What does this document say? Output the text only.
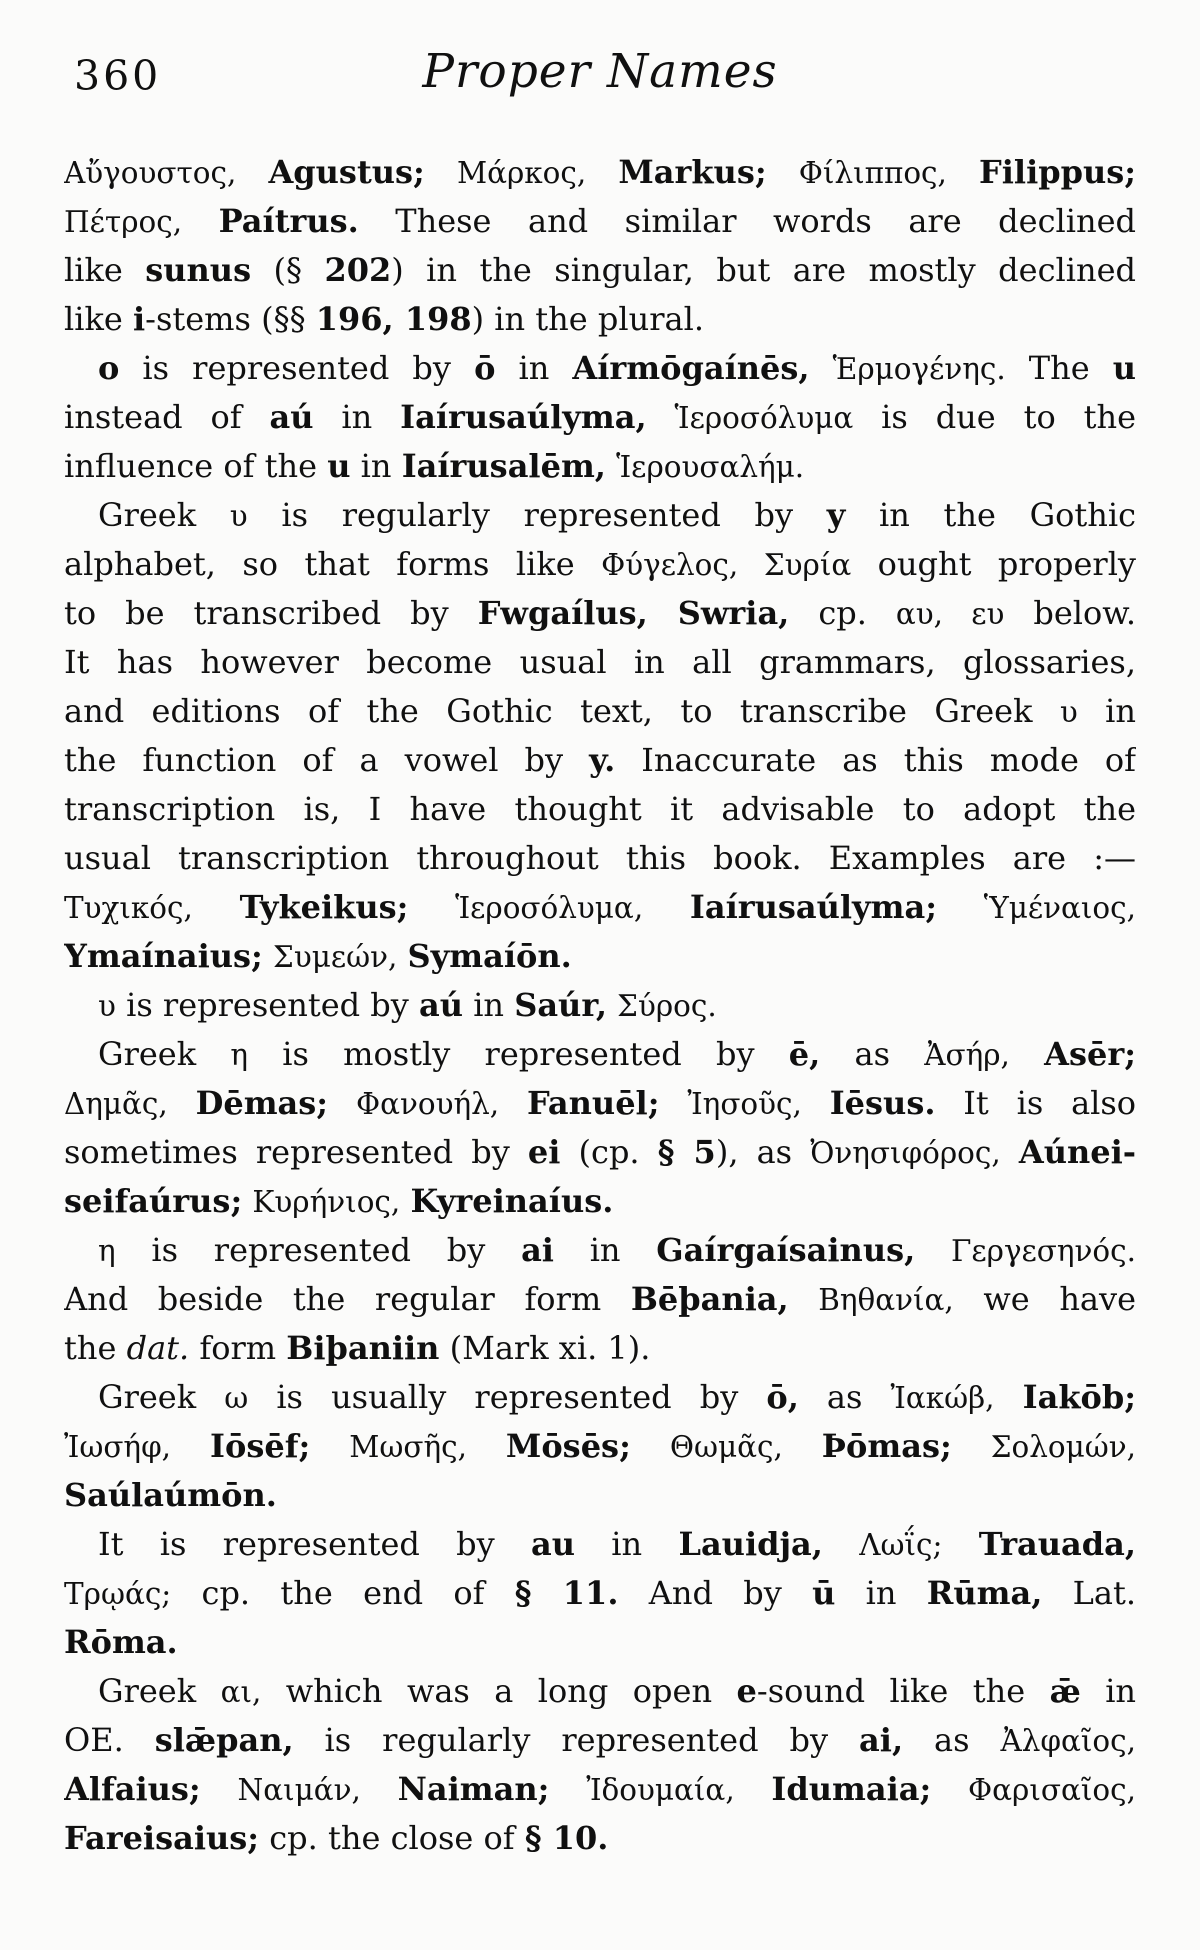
360	Proper Names
Αὔγουστος, Agustus; Μάρκος, Markus; Φίλιππος, Filippus;
Πέτρος, Paítrus. These and similar words are declined
like sunus (§ 202) in the singular, but are mostly declined
like i-stems (§§ 196, 198) in the plural.
o is represented by ō in Aírmōgaínēs, Ἑρμογένης. The u
instead of aú in Iaírusaúlyma, Ἱεροσόλυμα is due to the
influence of the u in Iaírusalēm, Ἱερουσαλήμ.
Greek υ is regularly represented by y in the Gothic
alphabet, so that forms like Φύγελος, Συρία ought properly
to be transcribed by Fwgaílus, Swria, cp. αυ, ευ below.
It has however become usual in all grammars, glossaries,
and editions of the Gothic text, to transcribe Greek υ in
the function of a vowel by y. Inaccurate as this mode of
transcription is, I have thought it advisable to adopt the
usual transcription throughout this book. Examples are :—
Τυχικός, Tykeikus; Ἱεροσόλυμα, Iaírusaúlyma; Ὑμέναιος,
Ymaínaius; Συμεών, Symaíōn.
υ is represented by aú in Saúr, Σύρος.
Greek η is mostly represented by ē, as Ἀσήρ, Asēr;
Δημᾶς, Dēmas; Φανουήλ, Fanuēl; Ἰησοῦς, Iēsus. It is also
sometimes represented by ei (cp. § 5), as Ὀνησιφόρος, Aúnei-
seifaúrus; Κυρήνιος, Kyreinaíus.
η is represented by ai in Gaírgaísainus, Γεργεσηνός.
And beside the regular form Bēþania, Βηθανία, we have
the dat. form Biþaniin (Mark xi. 1).
Greek ω is usually represented by ō, as Ἰακώβ, Iakōb;
Ἰωσήφ, Iōsēf; Μωσῆς, Mōsēs; Θωμᾶς, Þōmas; Σολομών,
Saúlaúmōn.
It is represented by au in Lauidja, Λωΐς; Trauada,
Τρῳάς; cp. the end of § 11. And by ū in Rūma, Lat.
Rōma.
Greek αι, which was a long open e-sound like the ǣ in
OE. slǣpan, is regularly represented by ai, as Ἀλφαῖος,
Alfaius; Ναιμάν, Naiman; Ἰδουμαία, Idumaia; Φαρισαῖος,
Fareisaius; cp. the close of § 10.
